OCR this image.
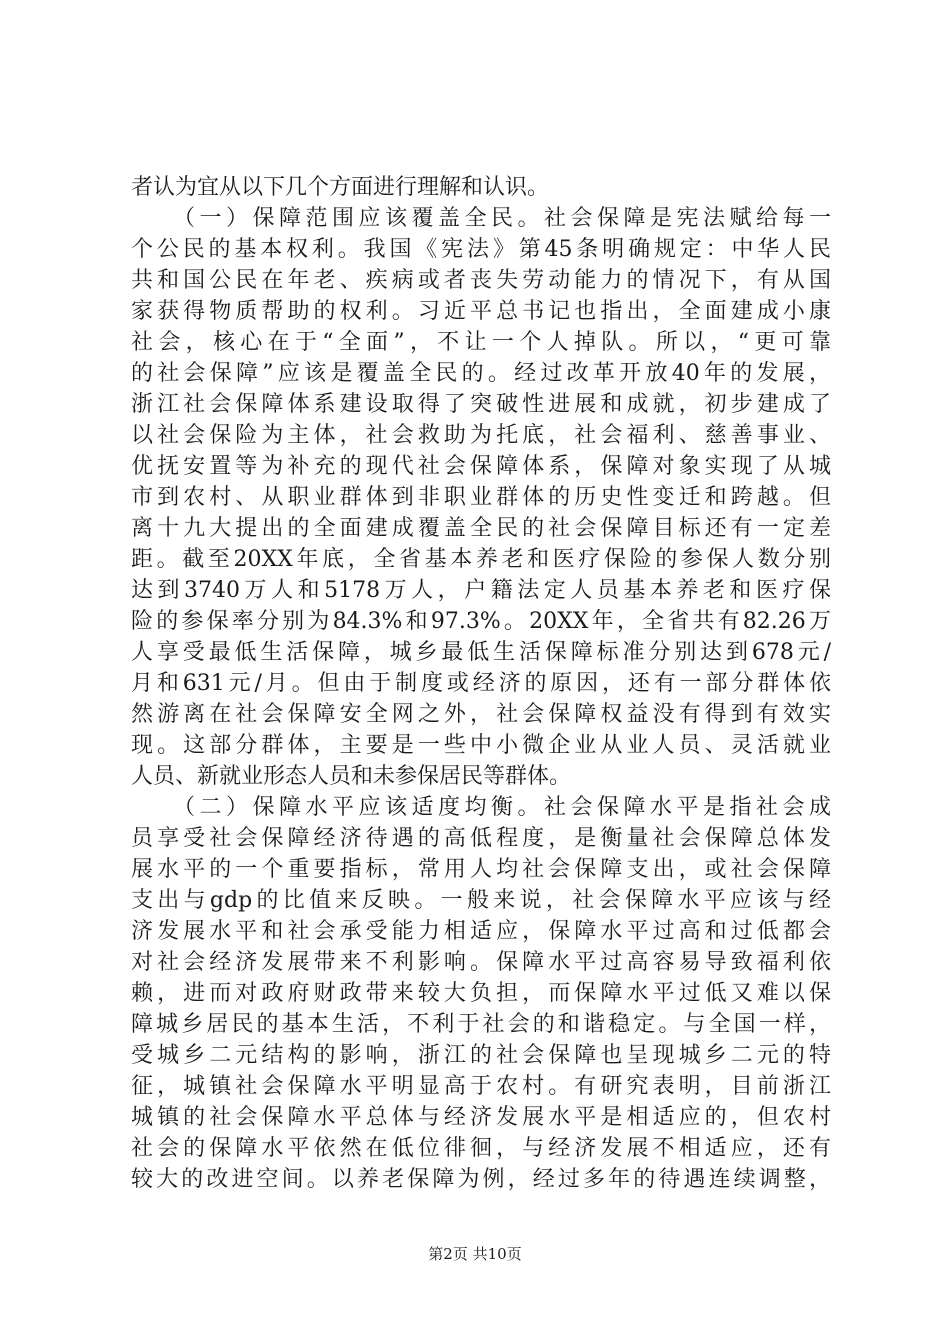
者认为宜从以下几个方面进行理解和认识。
　　（一）保障范围应该覆盖全民。社会保障是宪法赋给每一
个公民的基本权利。我国《宪法》第45条明确规定：中华人民
共和国公民在年老、疾病或者丧失劳动能力的情况下，有从国
家获得物质帮助的权利。习近平总书记也指出，全面建成小康
社会，核心在于“全面”，不让一个人掉队。所以，“更可靠
的社会保障”应该是覆盖全民的。经过改革开放40年的发展，
浙江社会保障体系建设取得了突破性进展和成就，初步建成了
以社会保险为主体，社会救助为托底，社会福利、慈善事业、
优抚安置等为补充的现代社会保障体系，保障对象实现了从城
市到农村、从职业群体到非职业群体的历史性变迁和跨越。但
离十九大提出的全面建成覆盖全民的社会保障目标还有一定差
距。截至20XX年底，全省基本养老和医疗保险的参保人数分别
达到3740万人和5178万人，户籍法定人员基本养老和医疗保
险的参保率分别为84.3%和97.3%。20XX年，全省共有82.26万
人享受最低生活保障，城乡最低生活保障标准分别达到678元/
月和631元/月。但由于制度或经济的原因，还有一部分群体依
然游离在社会保障安全网之外，社会保障权益没有得到有效实
现。这部分群体，主要是一些中小微企业从业人员、灵活就业
人员、新就业形态人员和未参保居民等群体。
　　（二）保障水平应该适度均衡。社会保障水平是指社会成
员享受社会保障经济待遇的高低程度，是衡量社会保障总体发
展水平的一个重要指标，常用人均社会保障支出，或社会保障
支出与gdp的比值来反映。一般来说，社会保障水平应该与经
济发展水平和社会承受能力相适应，保障水平过高和过低都会
对社会经济发展带来不利影响。保障水平过高容易导致福利依
赖，进而对政府财政带来较大负担，而保障水平过低又难以保
障城乡居民的基本生活，不利于社会的和谐稳定。与全国一样，
受城乡二元结构的影响，浙江的社会保障也呈现城乡二元的特
征，城镇社会保障水平明显高于农村。有研究表明，目前浙江
城镇的社会保障水平总体与经济发展水平是相适应的，但农村
社会的保障水平依然在低位徘徊，与经济发展不相适应，还有
较大的改进空间。以养老保障为例，经过多年的待遇连续调整，
第2页 共10页
